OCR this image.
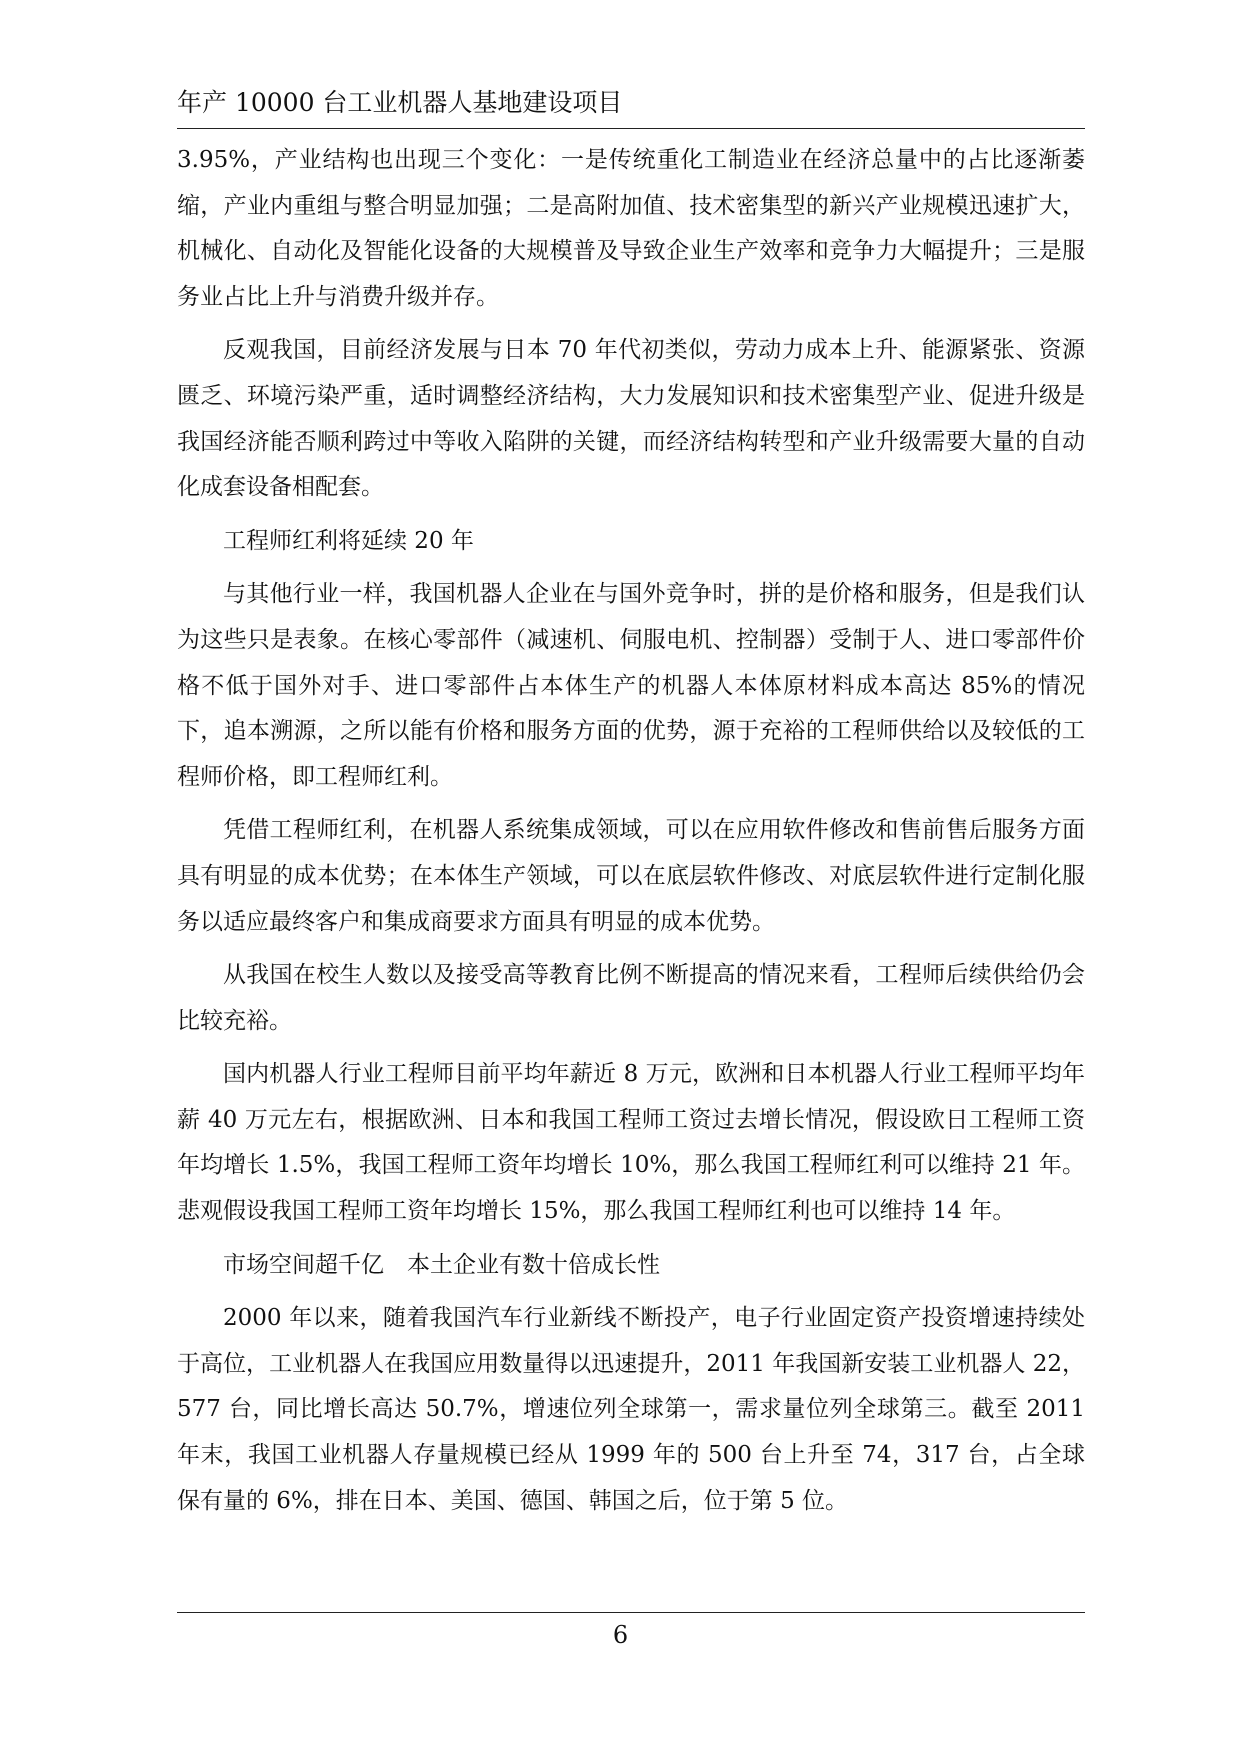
年产 10000 台工业机器人基地建设项目

3.95%，产业结构也出现三个变化：一是传统重化工制造业在经济总量中的占比逐渐萎缩，产业内重组与整合明显加强；二是高附加值、技术密集型的新兴产业规模迅速扩大，机械化、自动化及智能化设备的大规模普及导致企业生产效率和竞争力大幅提升；三是服务业占比上升与消费升级并存。

反观我国，目前经济发展与日本 70 年代初类似，劳动力成本上升、能源紧张、资源匮乏、环境污染严重，适时调整经济结构，大力发展知识和技术密集型产业、促进升级是我国经济能否顺利跨过中等收入陷阱的关键，而经济结构转型和产业升级需要大量的自动化成套设备相配套。

工程师红利将延续 20 年

与其他行业一样，我国机器人企业在与国外竞争时，拼的是价格和服务，但是我们认为这些只是表象。在核心零部件（减速机、伺服电机、控制器）受制于人、进口零部件价格不低于国外对手、进口零部件占本体生产的机器人本体原材料成本高达 85%的情况下，追本溯源，之所以能有价格和服务方面的优势，源于充裕的工程师供给以及较低的工程师价格，即工程师红利。

凭借工程师红利，在机器人系统集成领域，可以在应用软件修改和售前售后服务方面具有明显的成本优势；在本体生产领域，可以在底层软件修改、对底层软件进行定制化服务以适应最终客户和集成商要求方面具有明显的成本优势。

从我国在校生人数以及接受高等教育比例不断提高的情况来看，工程师后续供给仍会比较充裕。

国内机器人行业工程师目前平均年薪近 8 万元，欧洲和日本机器人行业工程师平均年薪 40 万元左右，根据欧洲、日本和我国工程师工资过去增长情况，假设欧日工程师工资年均增长 1.5%，我国工程师工资年均增长 10%，那么我国工程师红利可以维持 21 年。悲观假设我国工程师工资年均增长 15%，那么我国工程师红利也可以维持 14 年。

市场空间超千亿　本土企业有数十倍成长性

2000 年以来，随着我国汽车行业新线不断投产，电子行业固定资产投资增速持续处于高位，工业机器人在我国应用数量得以迅速提升，2011 年我国新安装工业机器人 22，577 台，同比增长高达 50.7%，增速位列全球第一，需求量位列全球第三。截至 2011 年末，我国工业机器人存量规模已经从 1999 年的 500 台上升至 74，317 台，占全球保有量的 6%，排在日本、美国、德国、韩国之后，位于第 5 位。

6
